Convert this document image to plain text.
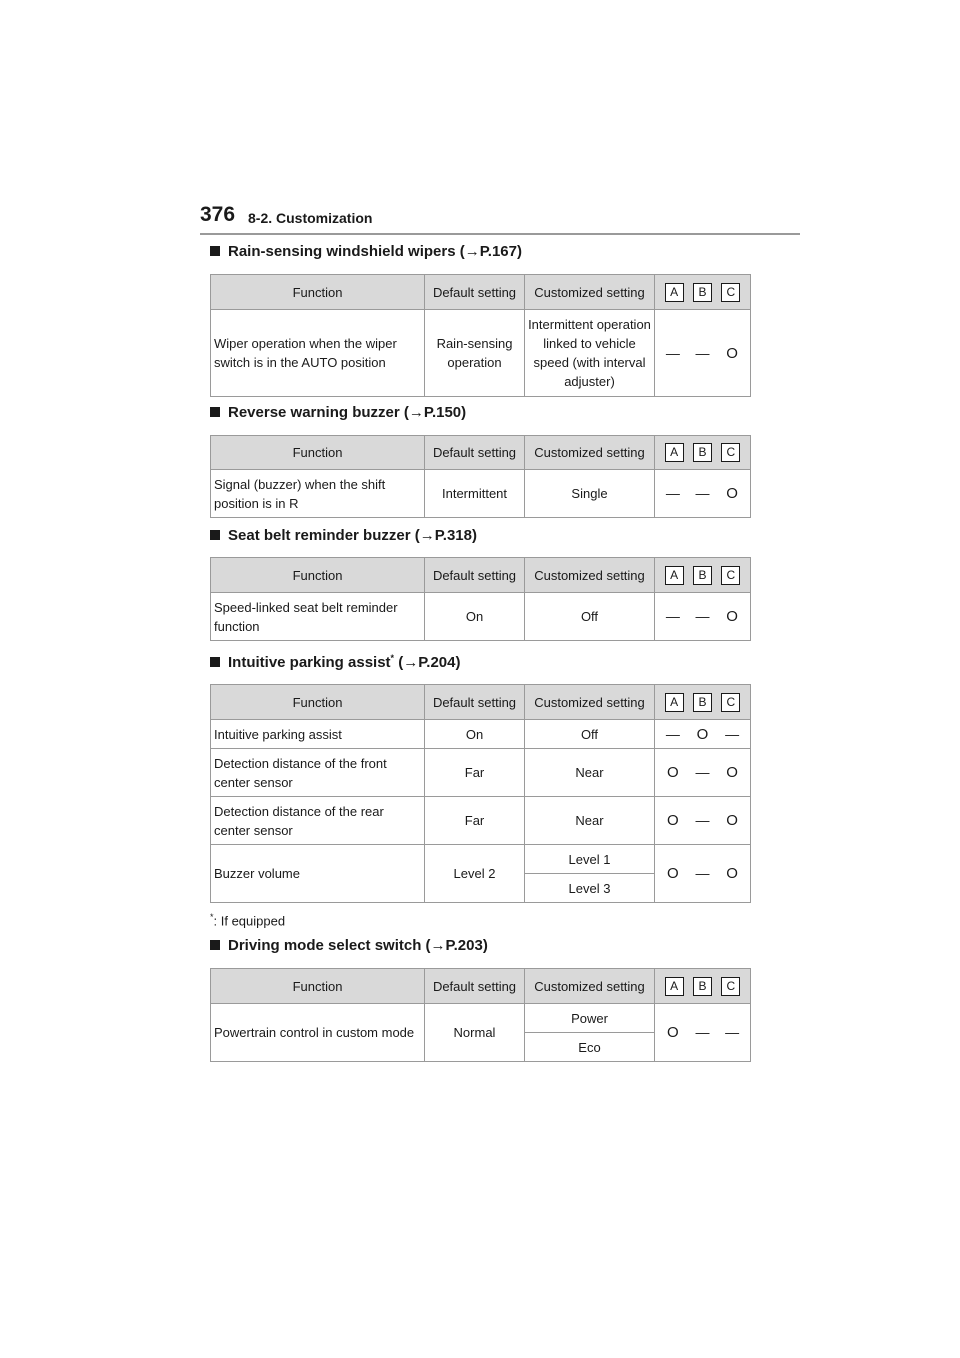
376 8-2. Customization
Rain-sensing windshield wipers (→P.167)
Function	Default setting	Customized setting	A B C

Wiper operation when the wiper switch is in the AUTO position	Rain-sensing operation	Intermittent operation linked to vehicle speed (with interval adjuster)	— — O
Reverse warning buzzer (→P.150)
Function	Default setting	Customized setting	A B C

Signal (buzzer) when the shift position is in R	Intermittent	Single	— — O
Seat belt reminder buzzer (→P.318)
Function	Default setting	Customized setting	A B C

Speed-linked seat belt reminder function	On	Off	— — O
Intuitive parking assist* (→P.204)
Function	Default setting	Customized setting	A B C

Intuitive parking assist	On	Off	— O —

Detection distance of the front center sensor	Far	Near	O — O

Detection distance of the rear center sensor	Far	Near	O — O

Buzzer volume	Level 2	Level 1	O — O

		Level 3	
*: If equipped
Driving mode select switch (→P.203)
Function	Default setting	Customized setting	A B C

Powertrain control in custom mode	Normal	Power	O — —

		Eco	
